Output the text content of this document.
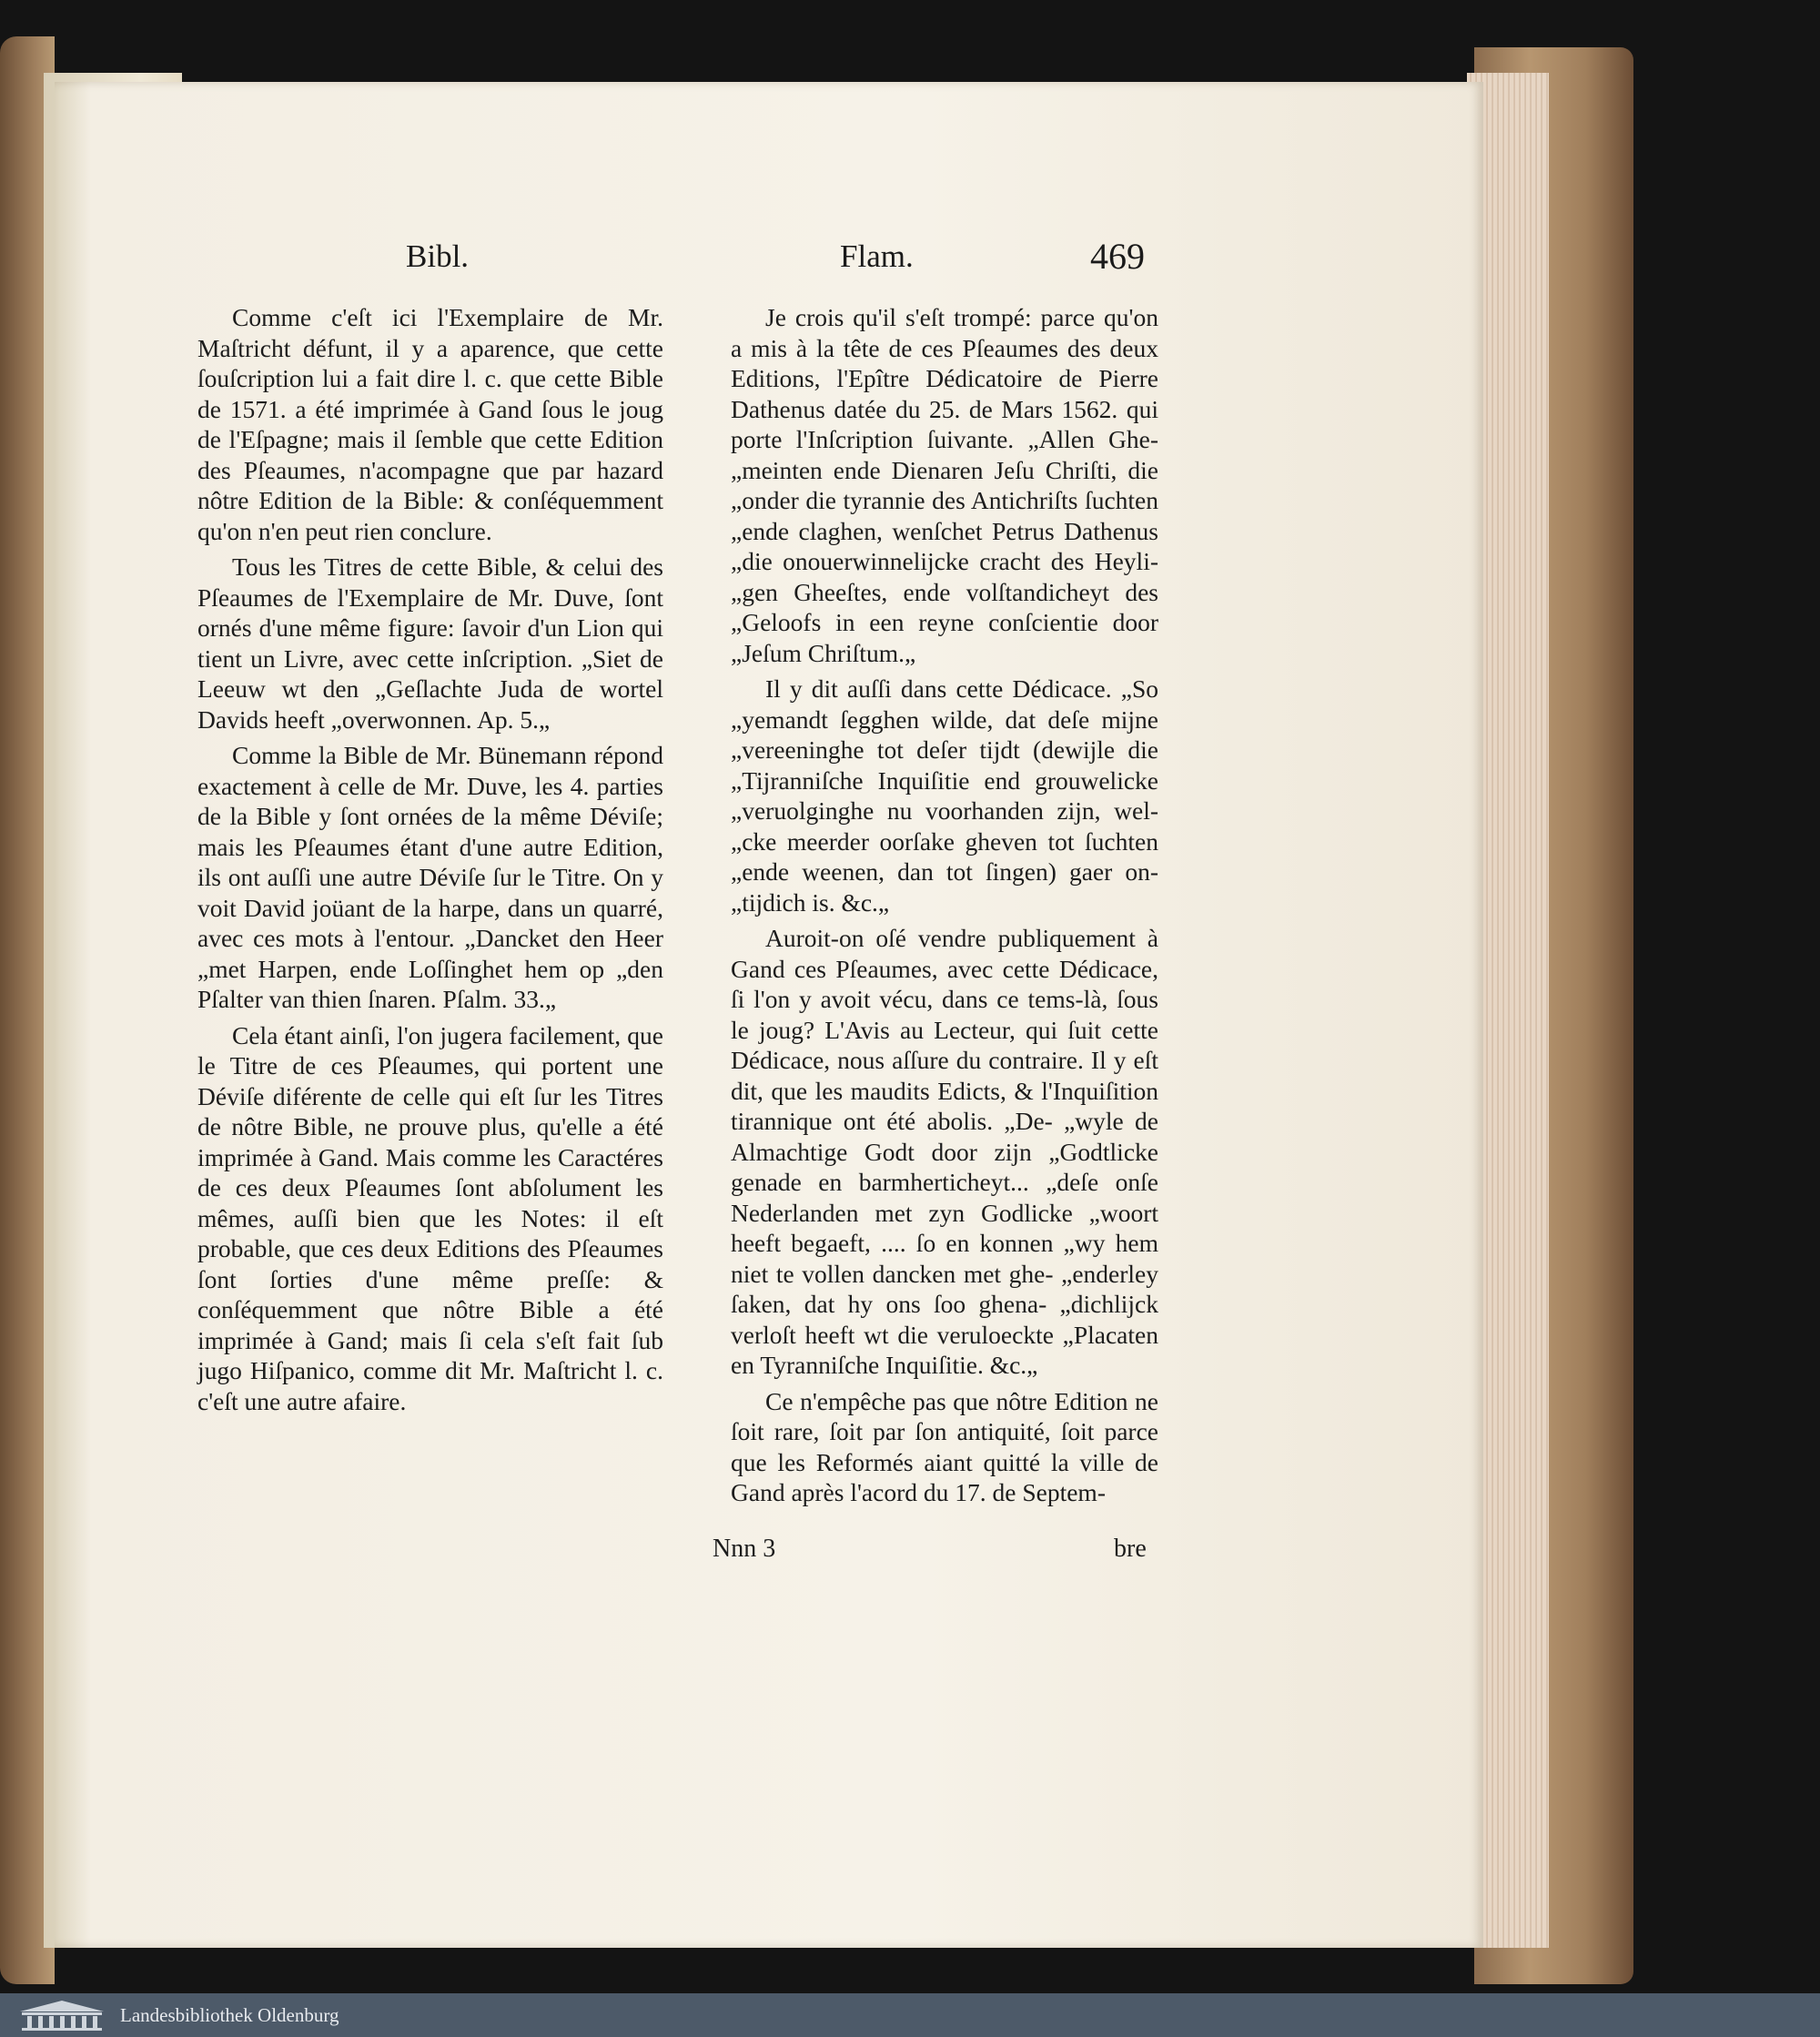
Bibl.	Flam.	469

Comme c'eſt ici l'Exemplaire de Mr. Maſtricht défunt, il y a aparence, que cette ſouſcription lui a fait dire l. c. que cette Bible de 1571. a été imprimée à Gand ſous le joug de l'Eſpagne; mais il ſemble que cette Edition des Pſeaumes, n'acompagne que par hazard nôtre Edition de la Bible: & conſéquemment qu'on n'en peut rien conclure.

Tous les Titres de cette Bible, & celui des Pſeaumes de l'Exemplaire de Mr. Duve, ſont ornés d'une même figure: ſavoir d'un Lion qui tient un Livre, avec cette inſcription. „Siet de Leeuw wt den „Geſlachte Juda de wortel Davids heeft „overwonnen. Ap. 5.„

Comme la Bible de Mr. Bünemann répond exactement à celle de Mr. Duve, les 4. parties de la Bible y ſont ornées de la même Déviſe; mais les Pſeaumes étant d'une autre Edition, ils ont auſſi une autre Déviſe ſur le Titre. On y voit David joüant de la harpe, dans un quarré, avec ces mots à l'entour. „Dancket den Heer „met Harpen, ende Loſſinghet hem op „den Pſalter van thien ſnaren. Pſalm. 33.„

Cela étant ainſi, l'on jugera facilement, que le Titre de ces Pſeaumes, qui portent une Déviſe diférente de celle qui eſt ſur les Titres de nôtre Bible, ne prouve plus, qu'elle a été imprimée à Gand. Mais comme les Caractéres de ces deux Pſeaumes ſont abſolument les mêmes, auſſi bien que les Notes: il eſt probable, que ces deux Editions des Pſeaumes ſont ſorties d'une même preſſe: & conſéquemment que nôtre Bible a été imprimée à Gand; mais ſi cela s'eſt fait ſub jugo Hiſpanico, comme dit Mr. Maſtricht l. c. c'eſt une autre afaire.

Je crois qu'il s'eſt trompé: parce qu'on a mis à la tête de ces Pſeaumes des deux Editions, l'Epître Dédicatoire de Pierre Dathenus datée du 25. de Mars 1562. qui porte l'Inſcription ſuivante. „Allen Ghe- „meinten ende Dienaren Jeſu Chriſti, die „onder die tyrannie des Antichriſts ſuchten „ende claghen, wenſchet Petrus Dathenus „die onouerwinnelijcke cracht des Heyli- „gen Gheeſtes, ende volſtandicheyt des „Geloofs in een reyne conſcientie door „Jeſum Chriſtum.„

Il y dit auſſi dans cette Dédicace. „So „yemandt ſegghen wilde, dat deſe mijne „vereeninghe tot deſer tijdt (dewijle die „Tijranniſche Inquiſitie end grouwelicke „veruolginghe nu voorhanden zijn, wel- „cke meerder oorſake gheven tot ſuchten „ende weenen, dan tot ſingen) gaer on- „tijdich is. &c.„

Auroit-on oſé vendre publiquement à Gand ces Pſeaumes, avec cette Dédicace, ſi l'on y avoit vécu, dans ce tems-là, ſous le joug? L'Avis au Lecteur, qui ſuit cette Dédicace, nous aſſure du contraire. Il y eſt dit, que les maudits Edicts, & l'Inquiſition tirannique ont été abolis. „De- „wyle de Almachtige Godt door zijn „Godtlicke genade en barmherticheyt... „deſe onſe Nederlanden met zyn Godlicke „woort heeft begaeft, .... ſo en konnen „wy hem niet te vollen dancken met ghe- „enderley ſaken, dat hy ons ſoo ghena- „dichlijck verloſt heeft wt die veruloeckte „Placaten en Tyranniſche Inquiſitie. &c.„

Ce n'empêche pas que nôtre Edition ne ſoit rare, ſoit par ſon antiquité, ſoit parce que les Reformés aiant quitté la ville de Gand après l'acord du 17. de Septem-

Nnn 3	bre

Landesbibliothek Oldenburg
